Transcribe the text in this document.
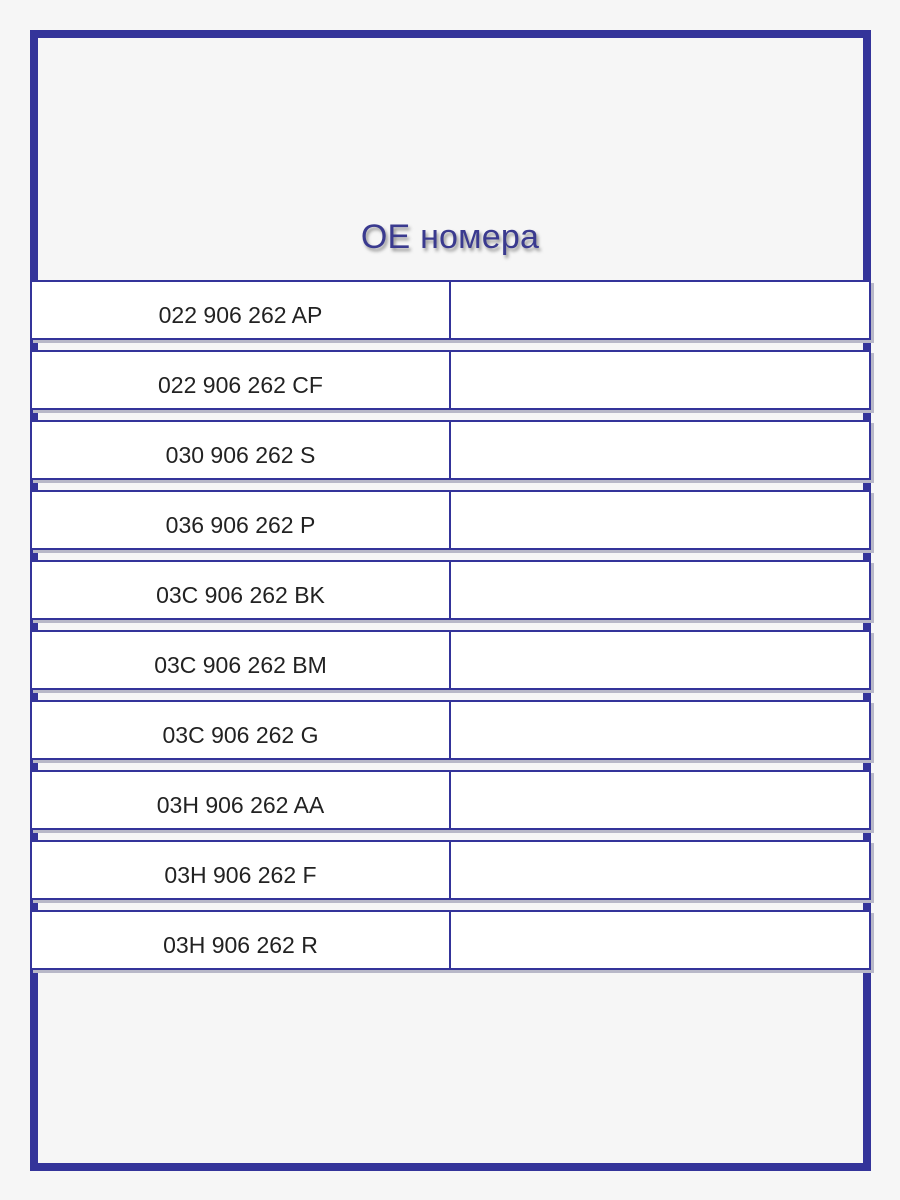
OE номера
022 906 262 AP
022 906 262 CF
030 906 262 S
036 906 262 P
03C 906 262 BK
03C 906 262 BM
03C 906 262 G
03H 906 262 AA
03H 906 262 F
03H 906 262 R
